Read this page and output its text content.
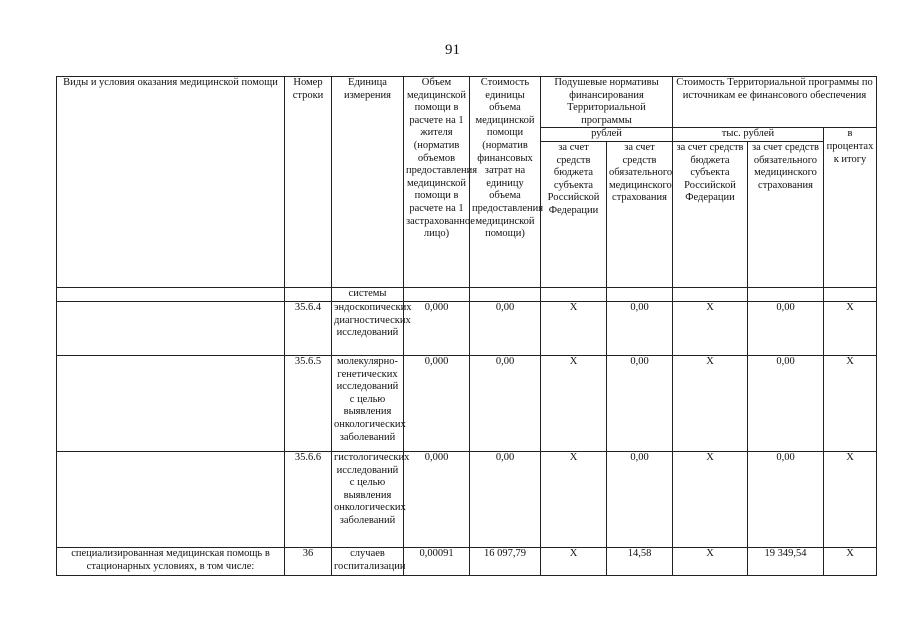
91
Виды и условия оказания медицинской помощи	Номер строки	Единица измерения	Объем медицинской помощи в расчете на 1 жителя (норматив объемов предоставления медицинской помощи в расчете на 1 застрахованное лицо)	Стоимость единицы объема медицинской помощи (норматив финансовых затрат на единицу объема предоставления медицинской помощи)	Подушевые нормативы финансирования Территориальной программы		Стоимость Территориальной программы по источникам ее финансового обеспечения		
					рублей		тыс. рублей		в процентах к итогу
					за счет средств бюджета субъекта Российской Федерации	за счет средств обязательного медицинского страхования	за счет средств бюджета субъекта Российской Федерации	за счет средств обязательного медицинского страхования	
		системы							
	35.6.4	эндоскопических диагностических исследований	0,000	0,00	X	0,00	X	0,00	X
	35.6.5	молекулярно-генетических исследований с целью выявления онкологических заболеваний	0,000	0,00	X	0,00	X	0,00	X
	35.6.6	гистологических исследований с целью выявления онкологических заболеваний	0,000	0,00	X	0,00	X	0,00	X
специализированная медицинская помощь в стационарных условиях, в том числе:	36	случаев госпитализации	0,00091	16 097,79	X	14,58	X	19 349,54	X
